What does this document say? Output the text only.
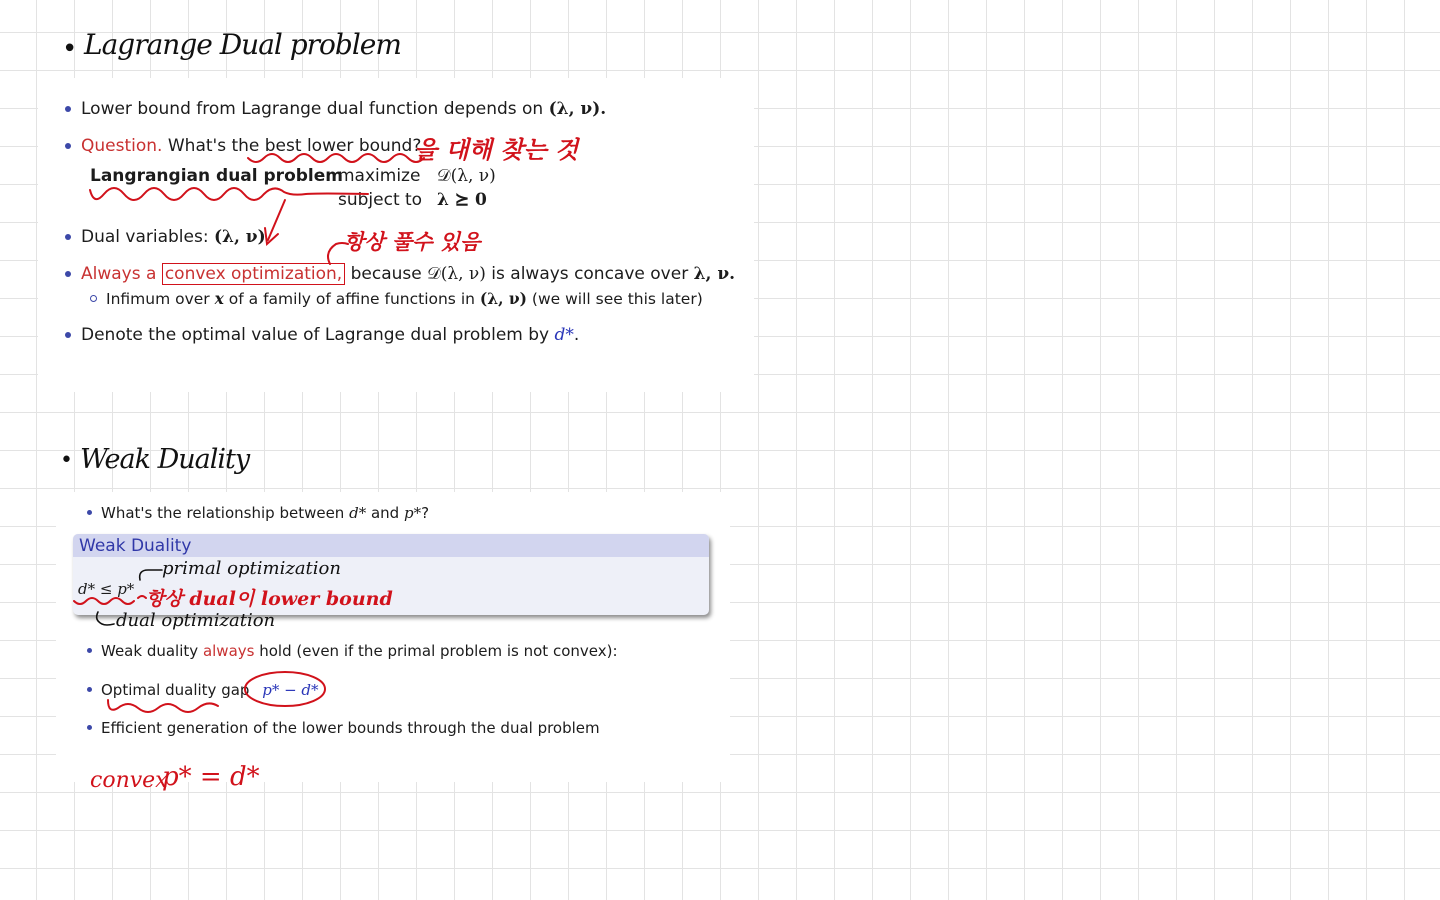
• Lagrange Dual problem
Lower bound from Lagrange dual function depends on (λ, ν).
Question. What's the best lower bound?
Langrangian dual problem
maximize 𝒟(λ, ν)
subject to λ ⪰ 0
Dual variables: (λ, ν)
Always a convex optimization, because 𝒟(λ, ν) is always concave over λ, ν.
Infimum over x of a family of affine functions in (λ, ν) (we will see this later)
Denote the optimal value of Lagrange dual problem by d*.
을 대해 찾는 것
항상 풀수 있음
• Weak Duality
What's the relationship between d* and p*?
Weak Duality
d* ≤ p*
primal optimization
항상 dual이 lower bound
dual optimization
Weak duality always hold (even if the primal problem is not convex):
Optimal duality gap p* − d*
Efficient generation of the lower bounds through the dual problem
convex
p* = d*
